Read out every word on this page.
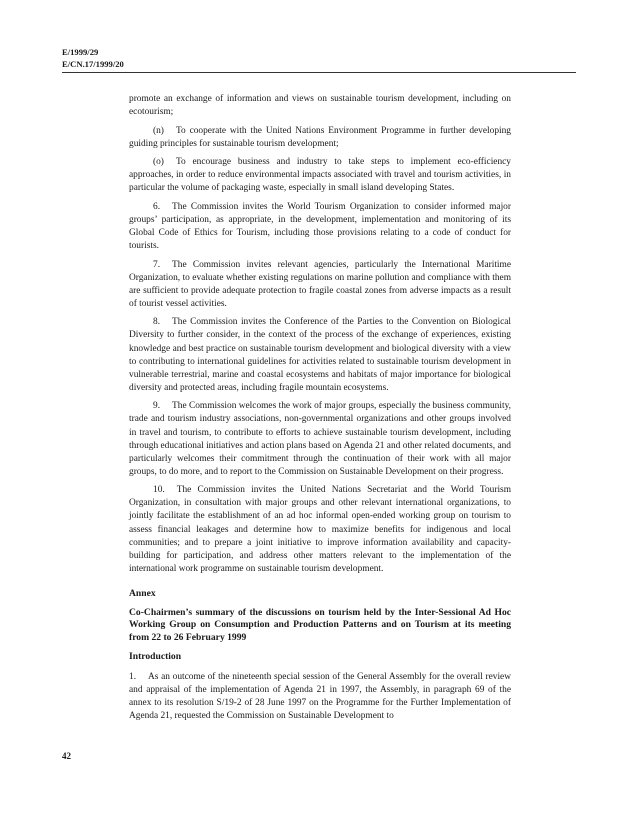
E/1999/29
E/CN.17/1999/20

promote an exchange of information and views on sustainable tourism development, including on ecotourism;

(n) To cooperate with the United Nations Environment Programme in further developing guiding principles for sustainable tourism development;

(o) To encourage business and industry to take steps to implement eco-efficiency approaches, in order to reduce environmental impacts associated with travel and tourism activities, in particular the volume of packaging waste, especially in small island developing States.

6. The Commission invites the World Tourism Organization to consider informed major groups’ participation, as appropriate, in the development, implementation and monitoring of its Global Code of Ethics for Tourism, including those provisions relating to a code of conduct for tourists.

7. The Commission invites relevant agencies, particularly the International Maritime Organization, to evaluate whether existing regulations on marine pollution and compliance with them are sufficient to provide adequate protection to fragile coastal zones from adverse impacts as a result of tourist vessel activities.

8. The Commission invites the Conference of the Parties to the Convention on Biological Diversity to further consider, in the context of the process of the exchange of experiences, existing knowledge and best practice on sustainable tourism development and biological diversity with a view to contributing to international guidelines for activities related to sustainable tourism development in vulnerable terrestrial, marine and coastal ecosystems and habitats of major importance for biological diversity and protected areas, including fragile mountain ecosystems.

9. The Commission welcomes the work of major groups, especially the business community, trade and tourism industry associations, non-governmental organizations and other groups involved in travel and tourism, to contribute to efforts to achieve sustainable tourism development, including through educational initiatives and action plans based on Agenda 21 and other related documents, and particularly welcomes their commitment through the continuation of their work with all major groups, to do more, and to report to the Commission on Sustainable Development on their progress.

10. The Commission invites the United Nations Secretariat and the World Tourism Organization, in consultation with major groups and other relevant international organizations, to jointly facilitate the establishment of an ad hoc informal open-ended working group on tourism to assess financial leakages and determine how to maximize benefits for indigenous and local communities; and to prepare a joint initiative to improve information availability and capacity-building for participation, and address other matters relevant to the implementation of the international work programme on sustainable tourism development.

Annex
Co-Chairmen’s summary of the discussions on tourism held by the Inter-Sessional Ad Hoc Working Group on Consumption and Production Patterns and on Tourism at its meeting from 22 to 26 February 1999
Introduction

1. As an outcome of the nineteenth special session of the General Assembly for the overall review and appraisal of the implementation of Agenda 21 in 1997, the Assembly, in paragraph 69 of the annex to its resolution S/19-2 of 28 June 1997 on the Programme for the Further Implementation of Agenda 21, requested the Commission on Sustainable Development to

42
